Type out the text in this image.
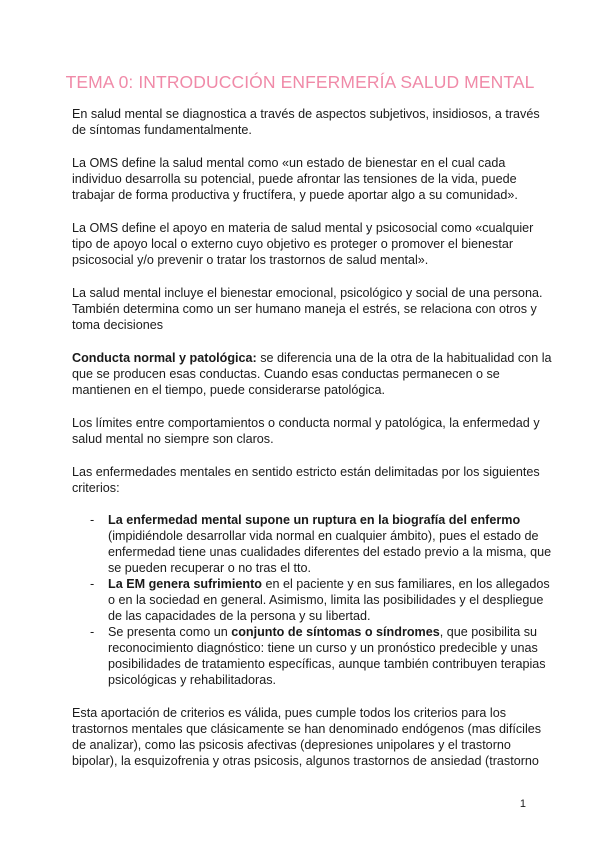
TEMA 0: INTRODUCCIÓN ENFERMERÍA SALUD MENTAL

En salud mental se diagnostica a través de aspectos subjetivos, insidiosos, a través de síntomas fundamentalmente.

La OMS define la salud mental como «un estado de bienestar en el cual cada individuo desarrolla su potencial, puede afrontar las tensiones de la vida, puede trabajar de forma productiva y fructífera, y puede aportar algo a su comunidad».

La OMS define el apoyo en materia de salud mental y psicosocial como «cualquier tipo de apoyo local o externo cuyo objetivo es proteger o promover el bienestar psicosocial y/o prevenir o tratar los trastornos de salud mental».

La salud mental incluye el bienestar emocional, psicológico y social de una persona. También determina como un ser humano maneja el estrés, se relaciona con otros y toma decisiones

Conducta normal y patológica: se diferencia una de la otra de la habitualidad con la que se producen esas conductas. Cuando esas conductas permanecen o se mantienen en el tiempo, puede considerarse patológica.

Los límites entre comportamientos o conducta normal y patológica, la enfermedad y salud mental no siempre son claros.

Las enfermedades mentales en sentido estricto están delimitadas por los siguientes criterios:

- La enfermedad mental supone un ruptura en la biografía del enfermo (impidiéndole desarrollar vida normal en cualquier ámbito), pues el estado de enfermedad tiene unas cualidades diferentes del estado previo a la misma, que se pueden recuperar o no tras el tto.
- La EM genera sufrimiento en el paciente y en sus familiares, en los allegados o en la sociedad en general. Asimismo, limita las posibilidades y el despliegue de las capacidades de la persona y su libertad.
- Se presenta como un conjunto de síntomas o síndromes, que posibilita su reconocimiento diagnóstico: tiene un curso y un pronóstico predecible y unas posibilidades de tratamiento específicas, aunque también contribuyen terapias psicológicas y rehabilitadoras.

Esta aportación de criterios es válida, pues cumple todos los criterios para los trastornos mentales que clásicamente se han denominado endógenos (mas difíciles de analizar), como las psicosis afectivas (depresiones unipolares y el trastorno bipolar), la esquizofrenia y otras psicosis, algunos trastornos de ansiedad (trastorno

1
